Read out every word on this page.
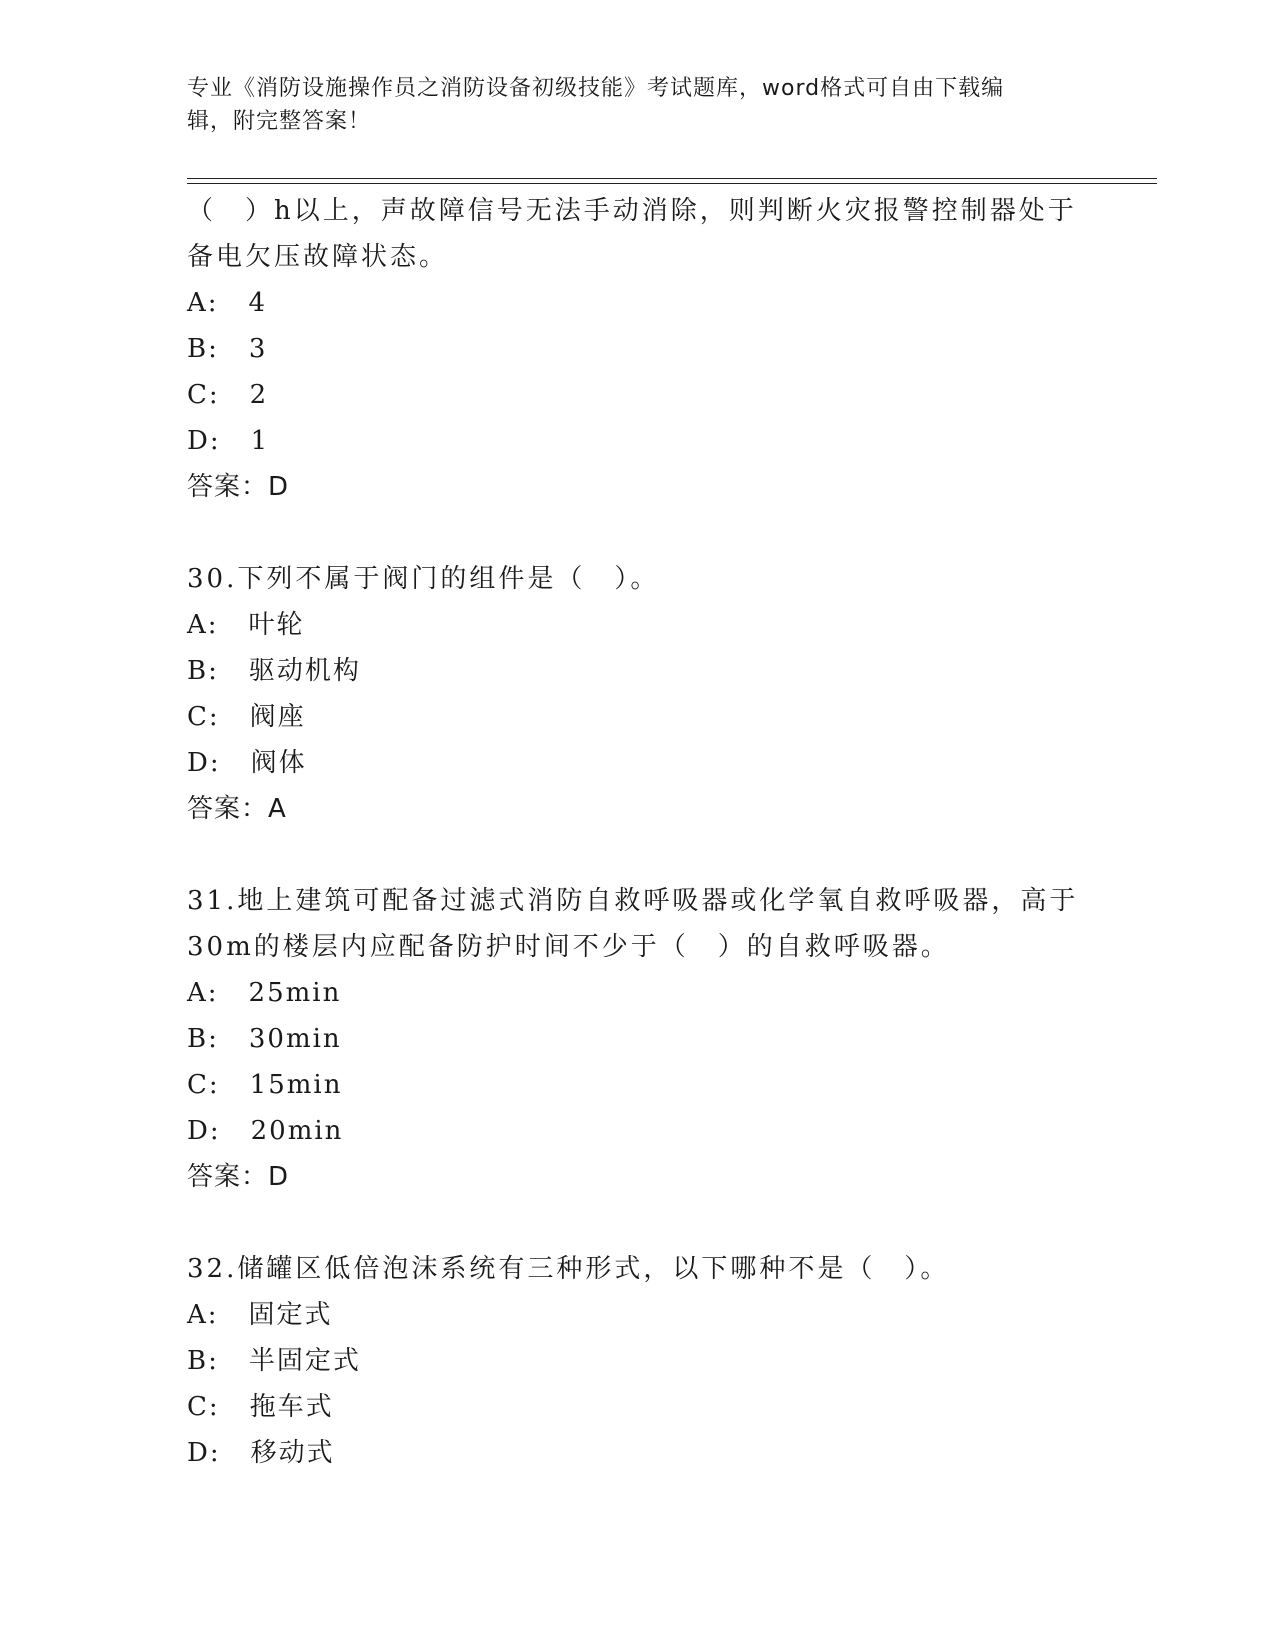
专业《消防设施操作员之消防设备初级技能》考试题库，word格式可自由下载编
辑，附完整答案！
（　）h以上，声故障信号无法手动消除，则判断火灾报警控制器处于
备电欠压故障状态。
A: 4
B: 3
C: 2
D: 1
答案：D
30.下列不属于阀门的组件是（　）。
A: 叶轮
B: 驱动机构
C: 阀座
D: 阀体
答案：A
31.地上建筑可配备过滤式消防自救呼吸器或化学氧自救呼吸器，高于
30m的楼层内应配备防护时间不少于（　）的自救呼吸器。
A: 25min
B: 30min
C: 15min
D: 20min
答案：D
32.储罐区低倍泡沫系统有三种形式，以下哪种不是（　）。
A: 固定式
B: 半固定式
C: 拖车式
D: 移动式
